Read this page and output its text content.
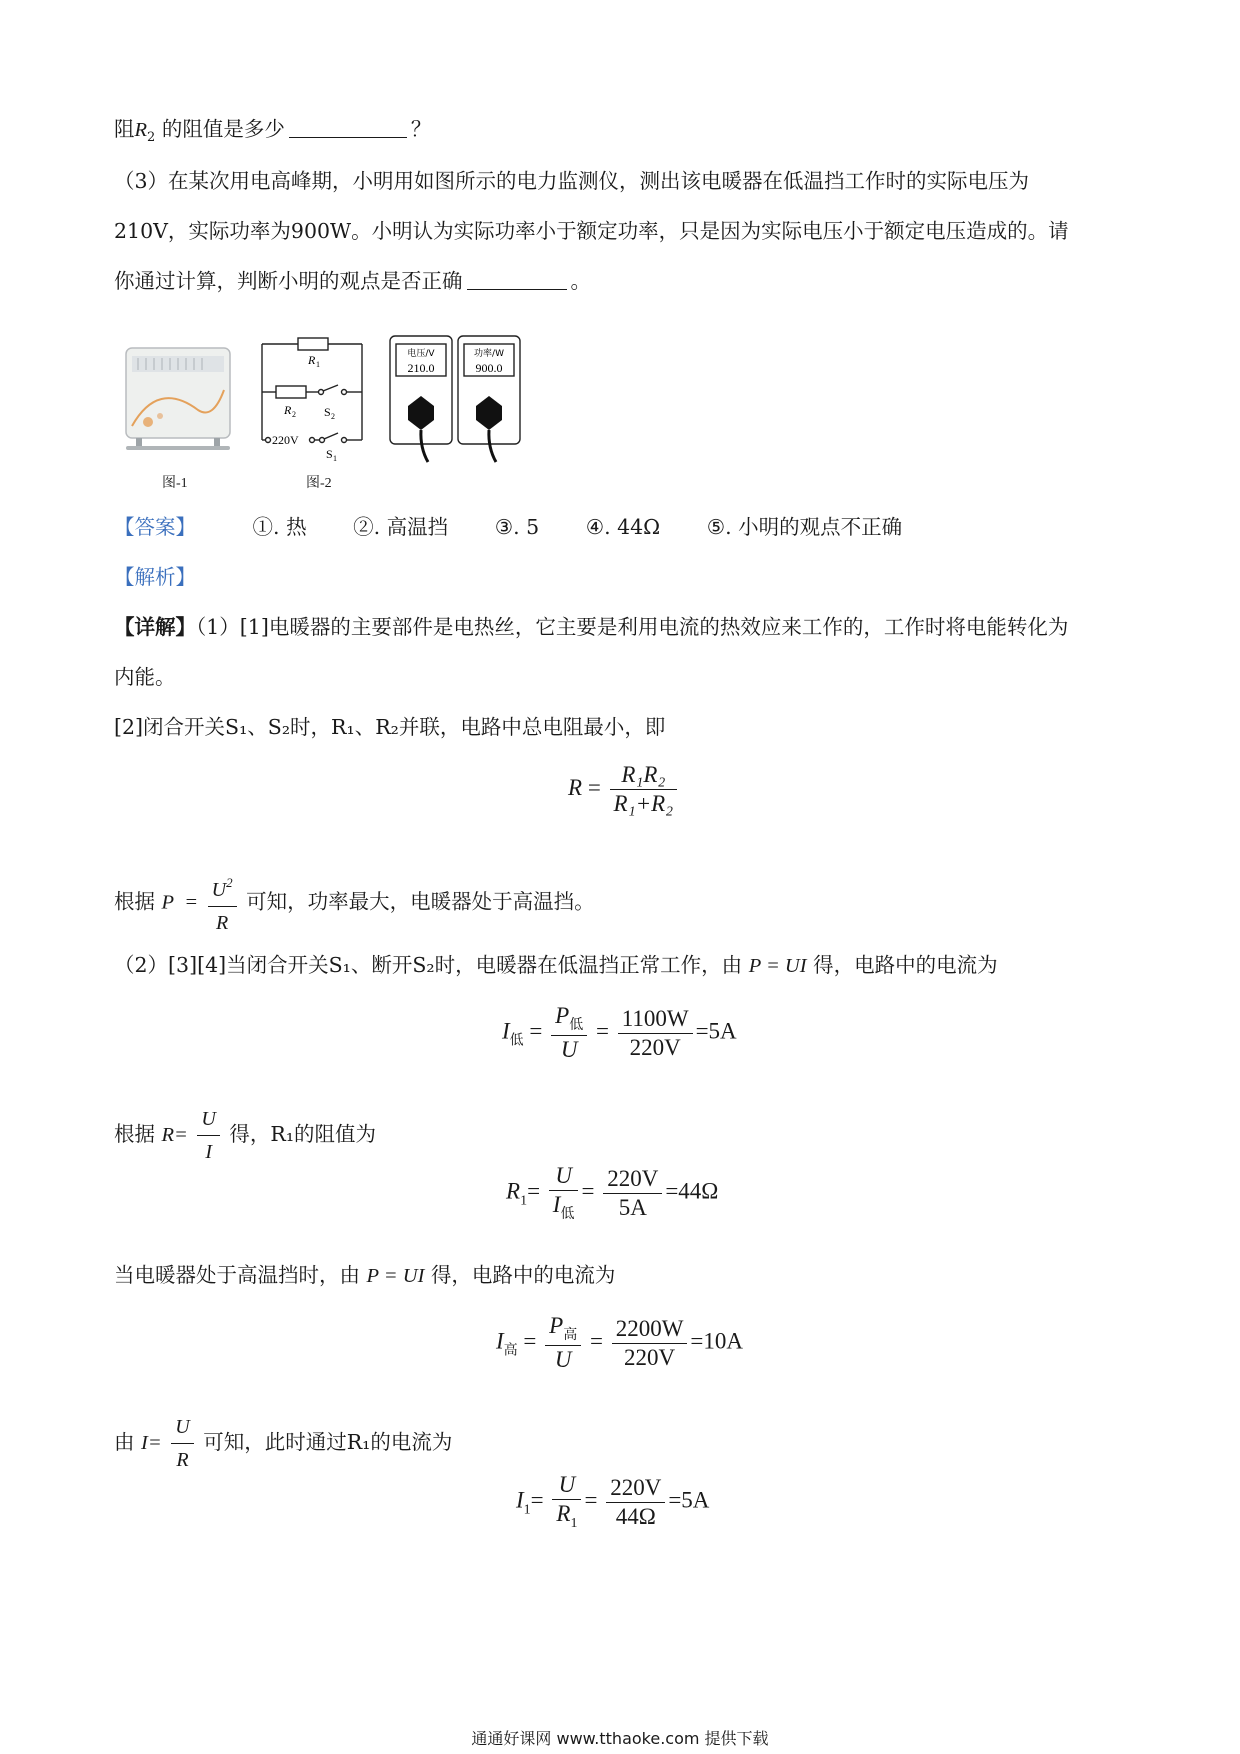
阻$R_2$ 的阻值是多少	？
（3）在某次用电高峰期，小明用如图所示的电力监测仪，测出该电暖器在低温挡工作时的实际电压为
210V，实际功率为900W。小明认为实际功率小于额定功率，只是因为实际电压小于额定电压造成的。请
你通过计算，判断小明的观点是否正确	。
图-1
R 1
R 2 S 2
220V
S 1
电压/V
210.0
功率/W
900.0
图-2
【答案】	①. 热 ②. 高温挡 ③. 5 ④. 44Ω ⑤. 小明的观点不正确
【解析】
【详解】（1）[1]电暖器的主要部件是电热丝，它主要是利用电流的热效应来工作的，工作时将电能转化为
内能。
[2]闭合开关S₁、S₂时，R₁、R₂并联，电路中总电阻最小，即
$R = \frac{\text{R₁R₂}}{\text{R₁+R₂}}$
根据 $P = \frac{U^2}{R}$ 可知，功率最大，电暖器处于高温挡。
（2）[3][4]当闭合开关S₁、断开S₂时，电暖器在低温挡正常工作，由 P = UI 得，电路中的电流为
$I_低 = \frac{P_低}{U} = \frac{1100W}{220V} =5A$
根据 $R= \frac{U}{I}$ 得，R₁的阻值为
$R_1= \frac{U}{I_低} = \frac{220V}{5A} =44\Omega$
当电暖器处于高温挡时，由 P = UI 得，电路中的电流为
$I_高 = \frac{P_高}{U} = \frac{2200W}{220V} =10A$
由 $I= \frac{U}{R}$ 可知，此时通过R₁的电流为
$I_1= \frac{U}{R_1} = \frac{220V}{44\Omega} =5A$
通通好课网 www.tthaoke.com 提供下载
